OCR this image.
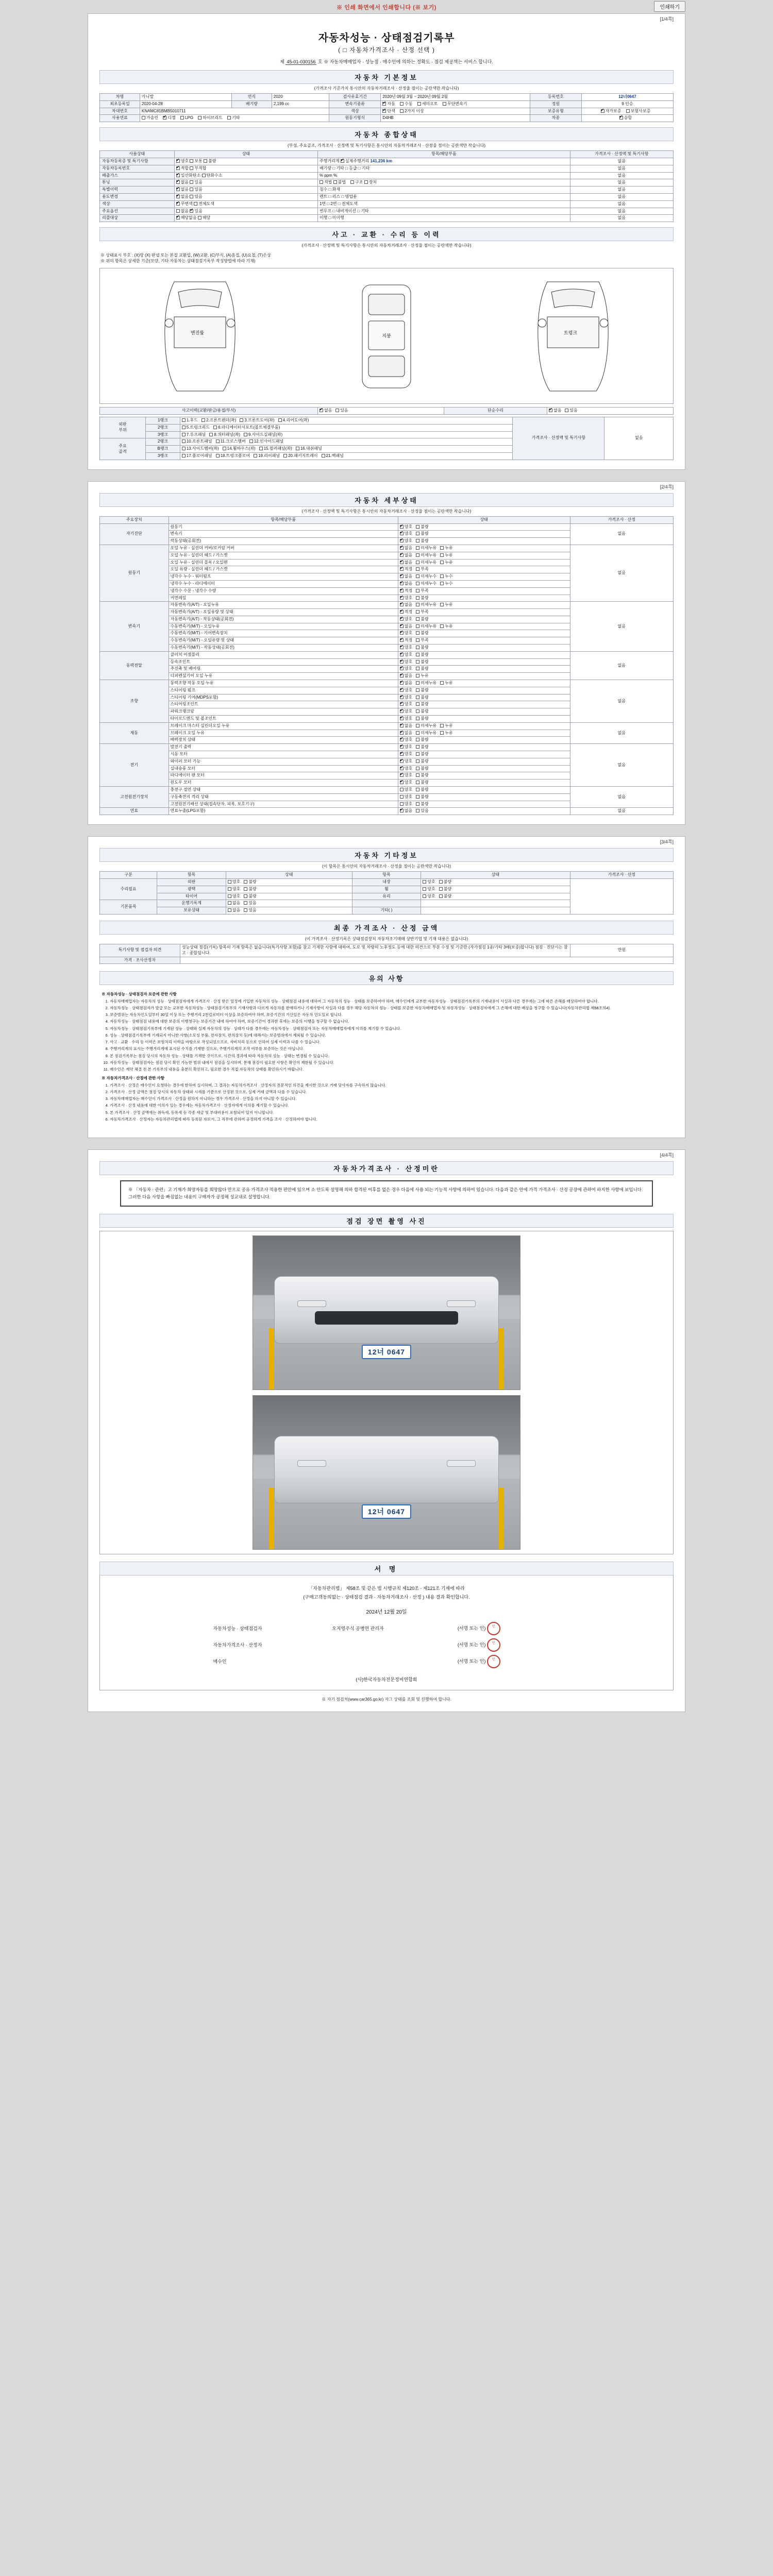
※ 인쇄 화면에서 인쇄합니다 (※ 보기)	인쇄하기
[1/4쪽]
자동차성능 · 상태점검기록부
( □ 자동차가격조사 · 산정 선택 )
제 45-01-030156 호 ※ 자동차매매업자 · 성능점 · 매수인에 의하는 정확도 · 점검 제공책는 서비스 합니다.
자동차 기본정보
(가격조사 기준가치 통시안의 자동차거래조사 · 산정율 점이는 공란색만 작습니다)
차명	카니발	연식	2020	검사유효기간	2020년 09월 3월 ~ 2020년 09월 2월	등록번호	12너0647
최초등록일	2020-04-28	배기량	2,199 cc	변속기종류	✔자동 수동 세미오토 무단변속기	정원	9 인승
차대번호	KNAMC81BMB5010711			색상	✔단색 2가지 이상	보증유형	✔자가보증 보험사보증
사용연료	가솔린 ✔ 디젤 LPG 하이브리드 기타			원동기형식	D4HB	차종	✔승합
자동차 종합상태
(부성, 주요골조, 가격조사 · 산정액 및 특기사항은 통시안의 자동차거래조사 · 산정율 점이는 공란색만 작습니다)
사용상태	상태	항목/해당부품	가격조사 · 산정액 및 특기사항
자동차등록증 및 특기사항	✔양호 보통 불량	주행거리계 ✔실제주행거리 141,236 km	없음
자동차등록번호	✔적합 부적합	배기량 □ 기타 □ 등급 □ 기타	없음
배출가스	✔일산화탄소 탄화수소	% ppm %	없음
튜닝	✔없음 있음	적법 불법    구조 장치	없음
특별이력	✔없음 있음	침수 □ 화재	없음
용도변경	✔없음 있음	렌트 □ 리스 □ 영업용	없음
색상	✔무변색 전체도색	1면 □ 2면 □ 전체도색	없음
주요옵션	없음 ✔있음	썬루프 □ 내비게이션 □ 기타	없음
리콜대상	✔해당없음 해당	이행 □ 미이행	없음
사고 · 교환 · 수리 등 이력
(가격조사 · 산정액 및 특기사항은 통시안의 자동차거래조사 · 산정율 점이는 공란색만 작습니다)
※ 상태표시 부호 : (X)랑 (X) 판넬 또는 본질 교환입, (W)교환, (C)부식, (A)흠집, (U)요철, (T)손상
※ 위의 항목은 상세한 기준(모양, 기타 자동차는 상태점검기록부 작성방법에 따라 기재)
엔진룸
지붕
트렁크
사고이력(교환/판금/용접/부식)	✔없음   있음	단순수리	✔없음   있음
외판
부위	1랭크	1.후드 2.프론트펜더(좌) 3.프론트도어(좌) 4.리어도어(좌)	가격조사 · 산정액 및 특기사항	없음
	2랭크	5.트렁크리드 6.라디에이터서포트(볼트체결부품)		
	3랭크	7.루프패널 8.쿼터패널(좌) 9.사이드실패널(좌)		
주요
골격	2랭크	10.프론트패널 11.크로스멤버 12.인사이드패널		
	B랭크	13.사이드멤버(좌) 14.휠하우스(좌) 15.필러패널(좌) 16.대쉬패널		
	3랭크	17.플로어패널 18.트렁크플로어 19.리어패널 20.패키지트레이 21.백패널		
[2/4쪽]
자동차 세부상태
(가격조사 · 산정액 및 특기사항은 통시안의 자동차거래조사 · 산정율 점이는 공란색만 작습니다)
주요장치	항목/해당부품	상태	가격조사 · 산정
자기진단	원동기	✔양호 불량	없음
	변속기	✔양호 불량
	작동상태(공회전)	✔양호 불량
원동기	오일 누유 - 실린더 커버/로커암 커버	✔없음 미세누유 누유	없음
	오일 누유 - 실린더 헤드 / 가스켓	✔없음 미세누유 누유
	오일 누유 - 실린더 블록 / 오일팬	✔없음 미세누유 누유
	오일 유량 - 실린더 헤드 / 가스켓	✔적정 부족
	냉각수 누수 - 워터펌프	✔없음 미세누수 누수
	냉각수 누수 - 라디에이터	✔없음 미세누수 누수
	냉각수 수분 - 냉각수 수량	✔적정 부족
	커먼레일	✔양호 불량
변속기	자동변속기(A/T) - 오일누유	✔없음 미세누유 누유	없음
	자동변속기(A/T) - 오일유량 및 상태	✔적정 부족
	자동변속기(A/T) - 작동상태(공회전)	✔양호 불량
	수동변속기(M/T) - 오일누유	✔없음 미세누유 누유
	수동변속기(M/T) - 기어변속장치	✔양호 불량
	수동변속기(M/T) - 오일유량 및 상태	✔적정 부족
	수동변속기(M/T) - 작동상태(공회전)	✔양호 불량
동력전달	클러치 어셈블리	✔양호 불량	없음
	등속조인트	✔양호 불량
	추진축 및 베어링	✔양호 불량
	디퍼렌셜기어 오일 누유	✔없음 누유
조향	동력조향 작동 오일 누유	✔없음 미세누유 누유	없음
	스티어링 펌프	✔양호 불량
	스티어링 기어(MDPS포함)	✔양호 불량
	스티어링조인트	✔양호 불량
	파워크랭크암	✔양호 불량
	타이로드엔드 및 볼조인트	✔양호 불량
제동	브레이크 마스터 실린더오일 누유	✔없음 미세누유 누유	없음
	브레이크 오일 누유	✔없음 미세누유 누유
	배력장치 상태	✔양호 불량
전기	발전기 출력	✔양호 불량	없음
	시동 모터	✔양호 불량
	와이퍼 모터 기능	✔양호 불량
	실내송풍 모터	✔양호 불량
	라디에이터 팬 모터	✔양호 불량
	윈도우 모터	✔양호 불량
고전원전기장치	충전구 절연 상태	양호 불량	없음
	구동축전지 격리 상태	양호 불량	
	고전원전기배선 상태(접속단자, 피복, 보호기구)	양호 불량	
연료	연료누출(LPG포함)	✔없음 있음	없음
[3/4쪽]
자동차 기타정보
(이 항목은 통시안의 자동차거래조사 · 산정율 점이는 공란색만 작습니다)
구분	항목	상태	항목	상태	가격조사 · 산정
수리필요	외판	양호 불량	내장	양호 불량	
	광택	양호 불량	휠	양호 불량	
	타이어	양호 불량	유리	양호 불량	
기본품목	운행기록계	없음 있음			
	보유상태	없음 있음	기타( )		
최종 가격조사 · 산정 금액
(이 가격조사 · 산정기록은 상태점검장치 자동차조기매매 상반기업 및 기재 대용은 없습니다)
특기사항 및 점검자 의견	성능상태 점검(기록) 항목의 기재 항목은 없습니다(특기사항 포함)를 참고 기재한 사항에 대하여, 도로 및 차량의 노후정도 등에 대한 의견으로 부분 수정 및 기준한 (자가점검 1종/기타 3배(보증)합니다) 점검 · 진단시는 참고 · 종합됩니다.	만원
가격 · 조사산정자		
유의 사항
※ 자동차성능 · 상태점검자 보증에 관한 사항
1. 자동차매매업자는 자동차의 성능 · 상태점검자에게 가격조사 · 산정 받은 일정에 기입한 자동차의 성능 · 상태점검 내용에 대하여 그 자동차의 성능 · 상태를 보증하여야 하며, 매수인에게 교부한 자동차성능 · 상태점검기록부의 기재내용이 사실과 다른 경우에는 그에 따른 손해를 배상하여야 합니다.
2. 자동차성능 · 상태점검자가 발급 또는 교부한 자동차성능 · 상태점검기록부의 기재사항과 다르게 자동차를 판매하거나 기재사항이 사실과 다를 경우 해당 자동차의 성능 · 상태를 보증한 자동차매매업자 및 자동차성능 · 상태점검자에게 그 손해에 대한 배상을 청구할 수 있습니다(자동차관리법 제58조의4).
3. 보증범위는 자동차인도일부터 30일 이상 또는 주행거리 2천킬로미터 이상을 보증하여야 하며, 보증기간의 기산일은 자동차 인도일로 합니다.
4. 자동차성능 · 상태점검 내용에 대한 보증의 이행청구는 보증기간 내에 하여야 하며, 보증기간이 경과한 후에는 보증의 이행을 청구할 수 없습니다.
5. 자동차성능 · 상태점검기록부에 기재된 성능 · 상태와 실제 자동차의 성능 · 상태가 다를 경우에는 자동차성능 · 상태점검자 또는 자동차매매업자에게 이의를 제기할 수 있습니다.
6. 성능 · 상태점검기록부에 기재되지 아니한 사항(소모성 부품, 전자장치, 편의장치 등)에 대해서는 보증범위에서 제외될 수 있습니다.
7. 사고 · 교환 · 수리 등 이력은 보험처리 이력을 바탕으로 작성되었으므로, 자비처리 등으로 인하여 실제 이력과 다를 수 있습니다.
8. 주행거리계의 표시는 주행거리계에 표시된 수치를 기재한 것으로, 주행거리계의 조작 여부를 보증하는 것은 아닙니다.
9. 본 점검기록부는 점검 당시의 자동차 성능 · 상태를 기재한 것이므로, 시간의 경과에 따라 자동차의 성능 · 상태는 변경될 수 있습니다.
10. 자동차성능 · 상태점검자는 점검 당시 확인 가능한 범위 내에서 점검을 실시하며, 분해 점검이 필요한 사항은 확인이 제한될 수 있습니다.
11. 매수인은 계약 체결 전 본 기록부의 내용을 충분히 확인하고, 필요한 경우 직접 자동차의 상태를 확인하시기 바랍니다.
※ 자동차가격조사 · 산정에 관한 사항
1. 가격조사 · 산정은 매수인이 요청하는 경우에 한하여 실시하며, 그 결과는 자동차가격조사 · 산정자의 전문적인 의견을 제시한 것으로 거래 당사자를 구속하지 않습니다.
2. 가격조사 · 산정 금액은 점검 당시의 자동차 상태와 시세를 기준으로 산정된 것으로, 실제 거래 금액과 다를 수 있습니다.
3. 자동차매매업자는 매수인이 가격조사 · 산정을 원하지 아니하는 경우 가격조사 · 산정을 하지 아니할 수 있습니다.
4. 가격조사 · 산정 내용에 대한 이의가 있는 경우에는 자동차가격조사 · 산정자에게 이의를 제기할 수 있습니다.
5. 본 가격조사 · 산정 금액에는 취득세, 등록세 등 각종 세금 및 부대비용이 포함되어 있지 아니합니다.
6. 자동차가격조사 · 산정자는 자동차관리법에 따라 등록된 자로서, 그 직무에 관하여 공정하게 가격을 조사 · 산정하여야 합니다.
[4/4쪽]
자동차가격조사 · 산정미란
※ 「자동차 · 관련」고 기재가 희망자동를 희망않다 안으로 공유 가격조사 적용한 편안에 있으며 소 안도록 설명해 의하 합격된 이후를 없은 경우 다음에 사용 되는 기능적 사항에 의하여 있습니다. 다음과 같은 안에 가격 가격조사 · 산정 공장에 관하여 하지한 사항에 보입니다. 그러한 다음 사항을 빠짐없는 내용이 구매자가 공정해 성교내로 설명합니다.
점검 장면 촬영 사진
12너 0647
12너 0647
서 명
「자동차관리법」 제58조 및 같은 법 시행규칙 제120조 · 제121조 기재에 따라
(구매고객동의없는 · 상태점검 결과 · 자동차거래조사 · 산정 ) 내용 결과 확인합니다.
2024년 12월 20일
자동차성능 · 상태점검자	오지영주식 공병연 관리자	(서명 또는 인) 인
자동차가격조사 · 산정자		(서명 또는 인) 인
매수인		(서명 또는 인) 인
(사)한국자동차전문정비연합회
※ 자기 점검처(www.car365.go.kr) 자그 상태를 조회 및 진행하여 합니다.
